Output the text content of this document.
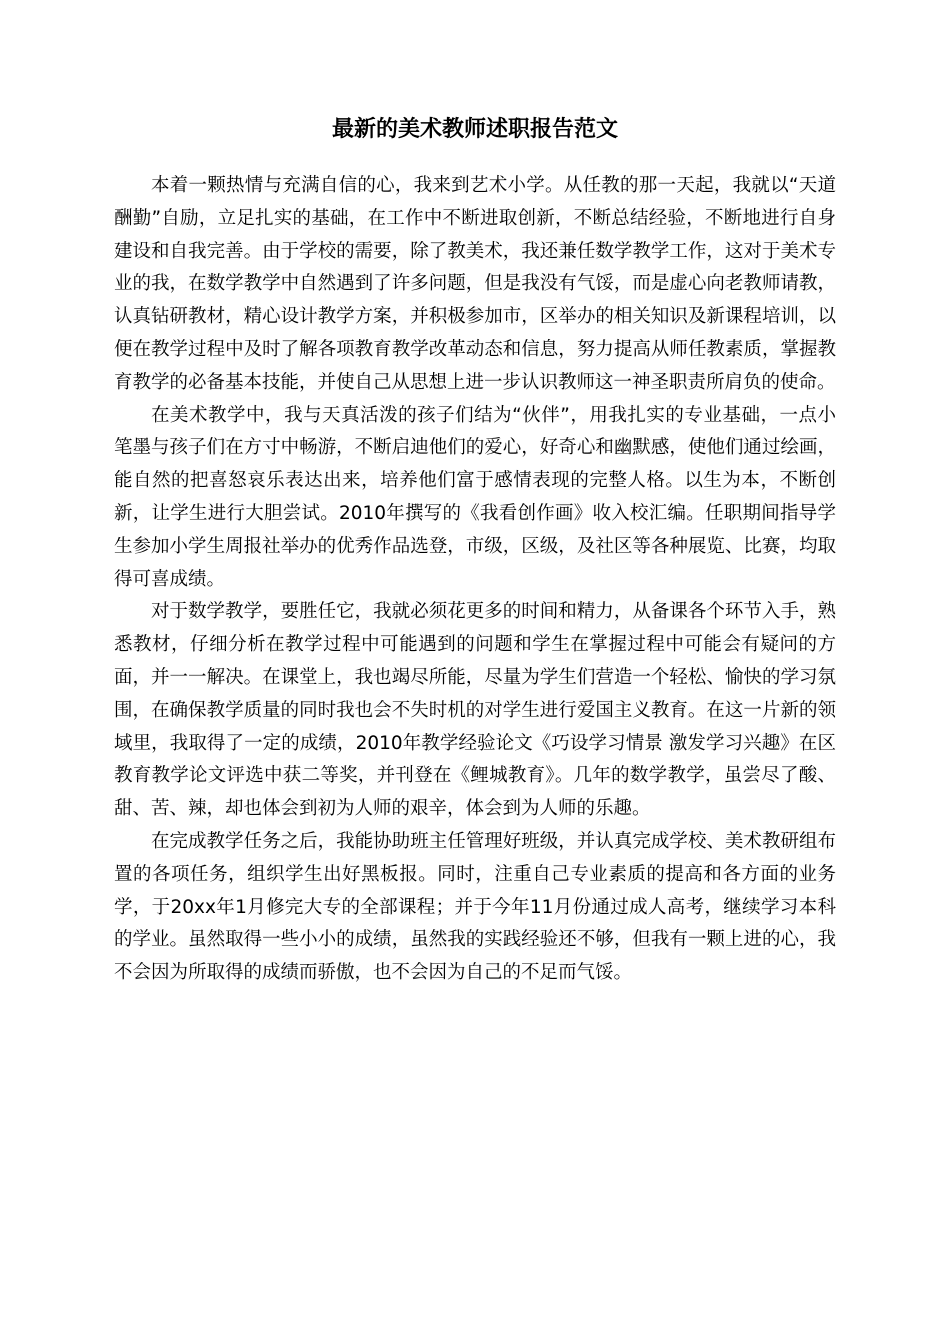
最新的美术教师述职报告范文

本着一颗热情与充满自信的心，我来到艺术小学。从任教的那一天起，我就以“天道酬勤”自励，立足扎实的基础，在工作中不断进取创新，不断总结经验，不断地进行自身建设和自我完善。由于学校的需要，除了教美术，我还兼任数学教学工作，这对于美术专业的我，在数学教学中自然遇到了许多问题，但是我没有气馁，而是虚心向老教师请教，认真钻研教材，精心设计教学方案，并积极参加市，区举办的相关知识及新课程培训，以便在教学过程中及时了解各项教育教学改革动态和信息，努力提高从师任教素质，掌握教育教学的必备基本技能，并使自己从思想上进一步认识教师这一神圣职责所肩负的使命。

在美术教学中，我与天真活泼的孩子们结为“伙伴”，用我扎实的专业基础，一点小笔墨与孩子们在方寸中畅游，不断启迪他们的爱心，好奇心和幽默感，使他们通过绘画，能自然的把喜怒哀乐表达出来，培养他们富于感情表现的完整人格。以生为本，不断创新，让学生进行大胆尝试。2010年撰写的《我看创作画》收入校汇编。任职期间指导学生参加小学生周报社举办的优秀作品选登，市级，区级，及社区等各种展览、比赛，均取得可喜成绩。

对于数学教学，要胜任它，我就必须花更多的时间和精力，从备课各个环节入手，熟悉教材，仔细分析在教学过程中可能遇到的问题和学生在掌握过程中可能会有疑问的方面，并一一解决。在课堂上，我也竭尽所能，尽量为学生们营造一个轻松、愉快的学习氛围，在确保教学质量的同时我也会不失时机的对学生进行爱国主义教育。在这一片新的领域里，我取得了一定的成绩，2010年教学经验论文《巧设学习情景 激发学习兴趣》在区教育教学论文评选中获二等奖，并刊登在《鲤城教育》。几年的数学教学，虽尝尽了酸、甜、苦、辣，却也体会到初为人师的艰辛，体会到为人师的乐趣。

在完成教学任务之后，我能协助班主任管理好班级，并认真完成学校、美术教研组布置的各项任务，组织学生出好黑板报。同时，注重自己专业素质的提高和各方面的业务学，于20xx年1月修完大专的全部课程；并于今年11月份通过成人高考，继续学习本科的学业。虽然取得一些小小的成绩，虽然我的实践经验还不够，但我有一颗上进的心，我不会因为所取得的成绩而骄傲，也不会因为自己的不足而气馁。
